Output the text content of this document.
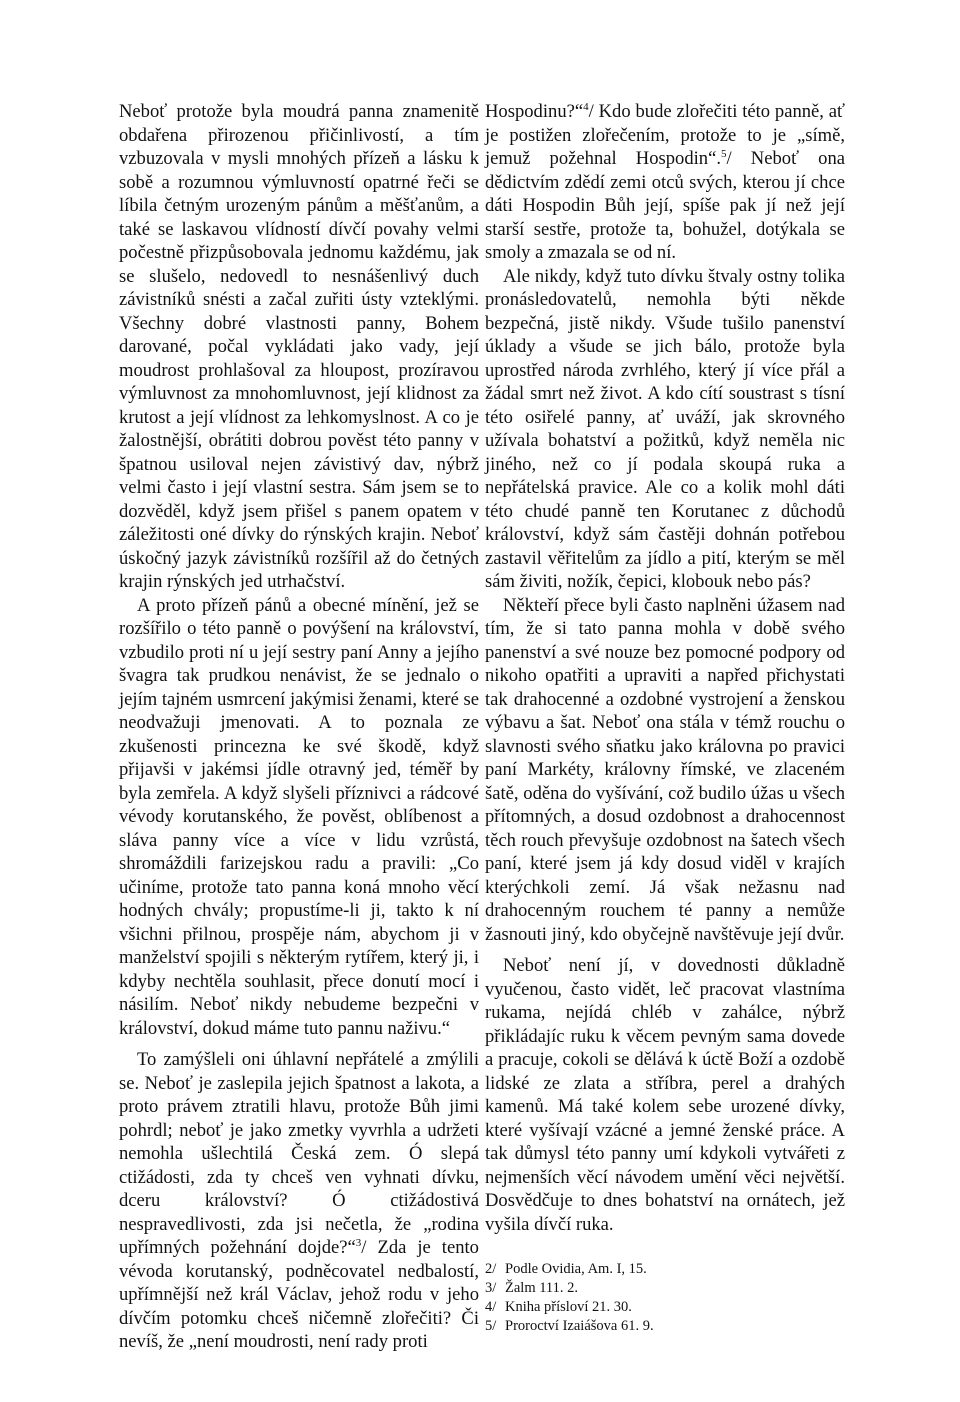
Neboť protože byla moudrá panna znamenitě obdařena přirozenou přičinlivostí, a tím vzbuzovala v mysli mnohých přízeň a lásku k sobě a rozumnou výmluvností opatrné řeči se líbila četným urozeným pánům a měšťanům, a také se laskavou vlídností dívčí povahy velmi počestně přizpůsobovala jednomu každému, jak se slušelo, nedovedl to nesnášenlivý duch závistníků snésti a začal zuřiti ústy vzteklými. Všechny dobré vlastnosti panny, Bohem darované, počal vykládati jako vady, její moudrost prohlašoval za hloupost, prozíravou výmluvnost za mnohomluvnost, její klidnost za krutost a její vlídnost za lehkomyslnost. A co je žalostnější, obrátiti dobrou pověst této panny v špatnou usiloval nejen závistivý dav, nýbrž velmi často i její vlastní sestra. Sám jsem se to dozvěděl, když jsem přišel s panem opatem v záležitosti oné dívky do rýnských krajin. Neboť úskočný jazyk závistníků rozšířil až do četných krajin rýnských jed utrhačství.

A proto přízeň pánů a obecné mínění, jež se rozšířilo o této panně o povýšení na království, vzbudilo proti ní u její sestry paní Anny a jejího švagra tak prudkou nenávist, že se jednalo o jejím tajném usmrcení jakýmisi ženami, které se neodvažuji jmenovati. A to poznala ze zkušenosti princezna ke své škodě, když přijavši v jakémsi jídle otravný jed, téměř by byla zemřela. A když slyšeli příznivci a rádcové vévody korutanského, že pověst, oblíbenost a sláva panny více a více v lidu vzrůstá, shromáždili farizejskou radu a pravili: „Co učiníme, protože tato panna koná mnoho věcí hodných chvály; propustíme-li ji, takto k ní všichni přilnou, prospěje nám, abychom ji v manželství spojili s některým rytířem, který ji, i kdyby nechtěla souhlasit, přece donutí mocí i násilím. Neboť nikdy nebudeme bezpečni v království, dokud máme tuto pannu naživu.“

To zamýšleli oni úhlavní nepřátelé a zmýlili se. Neboť je zaslepila jejich špatnost a lakota, a proto právem ztratili hlavu, protože Bůh jimi pohrdl; neboť je jako zmetky vyvrhla a udržeti nemohla ušlechtilá Česká zem. Ó slepá ctižádosti, zda ty chceš ven vyhnati dívku, dceru království? Ó ctižádostivá nespravedlivosti, zda jsi nečetla, že „rodina upřímných požehnání dojde?“$^3$/ Zda je tento vévoda korutanský, podněcovatel nedbalostí, upřímnější než král Václav, jehož rodu v jeho dívčím potomku chceš ničemně zlořečiti? Či nevíš, že „není moudrosti, není rady proti

Hospodinu?“$^4$/ Kdo bude zlořečiti této panně, ať je postižen zlořečením, protože to je „símě, jemuž požehnal Hospodin“.$^5$/ Neboť ona dědictvím zdědí zemi otců svých, kterou jí chce dáti Hospodin Bůh její, spíše pak jí než její starší sestře, protože ta, bohužel, dotýkala se smoly a zmazala se od ní.

Ale nikdy, když tuto dívku štvaly ostny tolika pronásledovatelů, nemohla býti někde bezpečná, jistě nikdy. Všude tušilo panenství úklady a všude se jich bálo, protože byla uprostřed národa zvrhlého, který jí více přál a žádal smrt než život. A kdo cítí soustrast s tísní této osiřelé panny, ať uváží, jak skrovného užívala bohatství a požitků, když neměla nic jiného, než co jí podala skoupá ruka a nepřátelská pravice. Ale co a kolik mohl dáti této chudé panně ten Korutanec z důchodů království, když sám častěji dohnán potřebou zastavil věřitelům za jídlo a pití, kterým se měl sám živiti, nožík, čepici, klobouk nebo pás?

Někteří přece byli často naplněni úžasem nad tím, že si tato panna mohla v době svého panenství a své nouze bez pomocné podpory od nikoho opatřiti a upraviti a napřed přichystati tak drahocenné a ozdobné vystrojení a ženskou výbavu a šat. Neboť ona stála v témž rouchu o slavnosti svého sňatku jako královna po pravici paní Markéty, královny římské, ve zlaceném šatě, oděna do vyšívání, což budilo úžas u všech přítomných, a dosud ozdobnost a drahocennost těch rouch převyšuje ozdobnost na šatech všech paní, které jsem já kdy dosud viděl v krajích kterýchkoli zemí. Já však nežasnu nad drahocenným rouchem té panny a nemůže žasnouti jiný, kdo obyčejně navštěvuje její dvůr.

Neboť není jí, v dovednosti důkladně vyučenou, často vidět, leč pracovat vlastníma rukama, nejídá chléb v zahálce, nýbrž přikládajíc ruku k věcem pevným sama dovede a pracuje, cokoli se dělává k úctě Boží a ozdobě lidské ze zlata a stříbra, perel a drahých kamenů. Má také kolem sebe urozené dívky, které vyšívají vzácné a jemné ženské práce. A tak důmysl této panny umí kdykoli vytvářeti z nejmenších věcí návodem umění věci největší. Dosvědčuje to dnes bohatství na ornátech, jež vyšila dívčí ruka.

2/ Podle Ovidia, Am. I, 15.

3/ Žalm 111. 2.

4/ Kniha přísloví 21. 30.

5/ Proroctví Izaiášova 61. 9.
